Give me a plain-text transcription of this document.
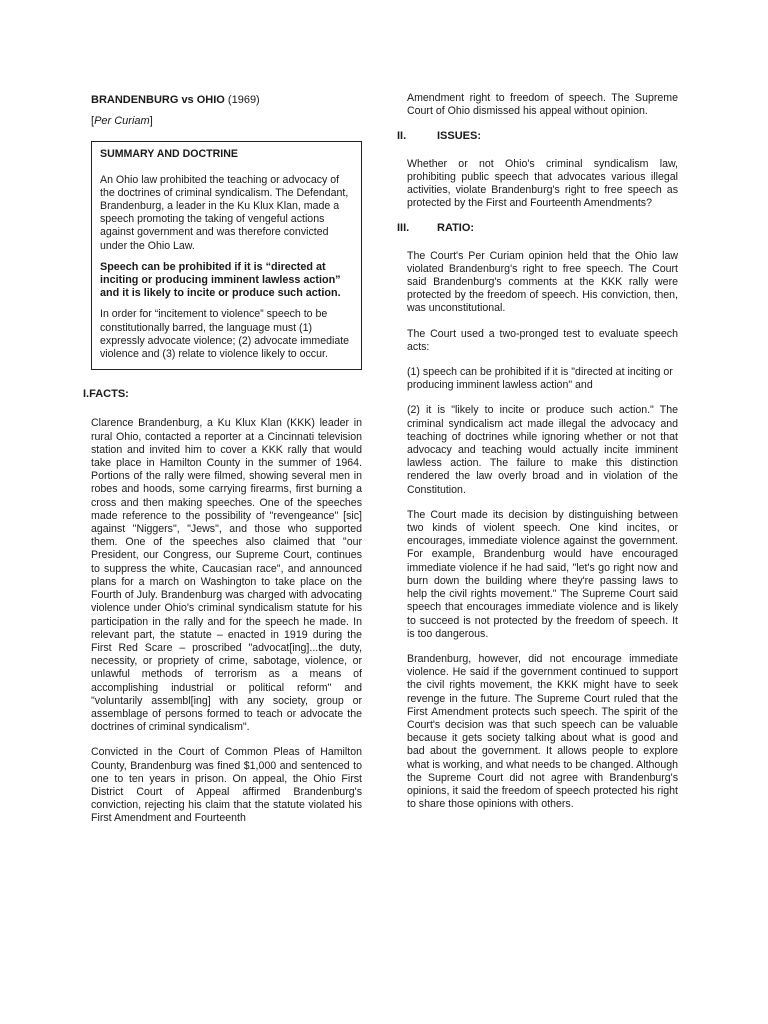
BRANDENBURG vs OHIO (1969)
[Per Curiam]
SUMMARY AND DOCTRINE

An Ohio law prohibited the teaching or advocacy of the doctrines of criminal syndicalism. The Defendant, Brandenburg, a leader in the Ku Klux Klan, made a speech promoting the taking of vengeful actions against government and was therefore convicted under the Ohio Law.

Speech can be prohibited if it is “directed at inciting or producing imminent lawless action” and it is likely to incite or produce such action.

In order for “incitement to violence” speech to be constitutionally barred, the language must (1) expressly advocate violence; (2) advocate immediate violence and (3) relate to violence likely to occur.

I.FACTS:

Clarence Brandenburg, a Ku Klux Klan (KKK) leader in rural Ohio, contacted a reporter at a Cincinnati television station and invited him to cover a KKK rally that would take place in Hamilton County in the summer of 1964. Portions of the rally were filmed, showing several men in robes and hoods, some carrying firearms, first burning a cross and then making speeches. One of the speeches made reference to the possibility of "revengeance" [sic] against "Niggers", "Jews", and those who supported them. One of the speeches also claimed that "our President, our Congress, our Supreme Court, continues to suppress the white, Caucasian race", and announced plans for a march on Washington to take place on the Fourth of July. Brandenburg was charged with advocating violence under Ohio's criminal syndicalism statute for his participation in the rally and for the speech he made. In relevant part, the statute – enacted in 1919 during the First Red Scare – proscribed "advocat[ing]...the duty, necessity, or propriety of crime, sabotage, violence, or unlawful methods of terrorism as a means of accomplishing industrial or political reform" and "voluntarily assembl[ing] with any society, group or assemblage of persons formed to teach or advocate the doctrines of criminal syndicalism".

Convicted in the Court of Common Pleas of Hamilton County, Brandenburg was fined $1,000 and sentenced to one to ten years in prison. On appeal, the Ohio First District Court of Appeal affirmed Brandenburg's conviction, rejecting his claim that the statute violated his First Amendment and Fourteenth

Amendment right to freedom of speech. The Supreme Court of Ohio dismissed his appeal without opinion.

II.	ISSUES:

Whether or not Ohio's criminal syndicalism law, prohibiting public speech that advocates various illegal activities, violate Brandenburg's right to free speech as protected by the First and Fourteenth Amendments?

III.	RATIO:

The Court's Per Curiam opinion held that the Ohio law violated Brandenburg's right to free speech. The Court said Brandenburg's comments at the KKK rally were protected by the freedom of speech. His conviction, then, was unconstitutional.

The Court used a two-pronged test to evaluate speech acts:

(1) speech can be prohibited if it is "directed at inciting or producing imminent lawless action" and

(2) it is "likely to incite or produce such action." The criminal syndicalism act made illegal the advocacy and teaching of doctrines while ignoring whether or not that advocacy and teaching would actually incite imminent lawless action. The failure to make this distinction rendered the law overly broad and in violation of the Constitution.

The Court made its decision by distinguishing between two kinds of violent speech. One kind incites, or encourages, immediate violence against the government. For example, Brandenburg would have encouraged immediate violence if he had said, "let's go right now and burn down the building where they're passing laws to help the civil rights movement." The Supreme Court said speech that encourages immediate violence and is likely to succeed is not protected by the freedom of speech. It is too dangerous.

Brandenburg, however, did not encourage immediate violence. He said if the government continued to support the civil rights movement, the KKK might have to seek revenge in the future. The Supreme Court ruled that the First Amendment protects such speech. The spirit of the Court's decision was that such speech can be valuable because it gets society talking about what is good and bad about the government. It allows people to explore what is working, and what needs to be changed. Although the Supreme Court did not agree with Brandenburg's opinions, it said the freedom of speech protected his right to share those opinions with others.
